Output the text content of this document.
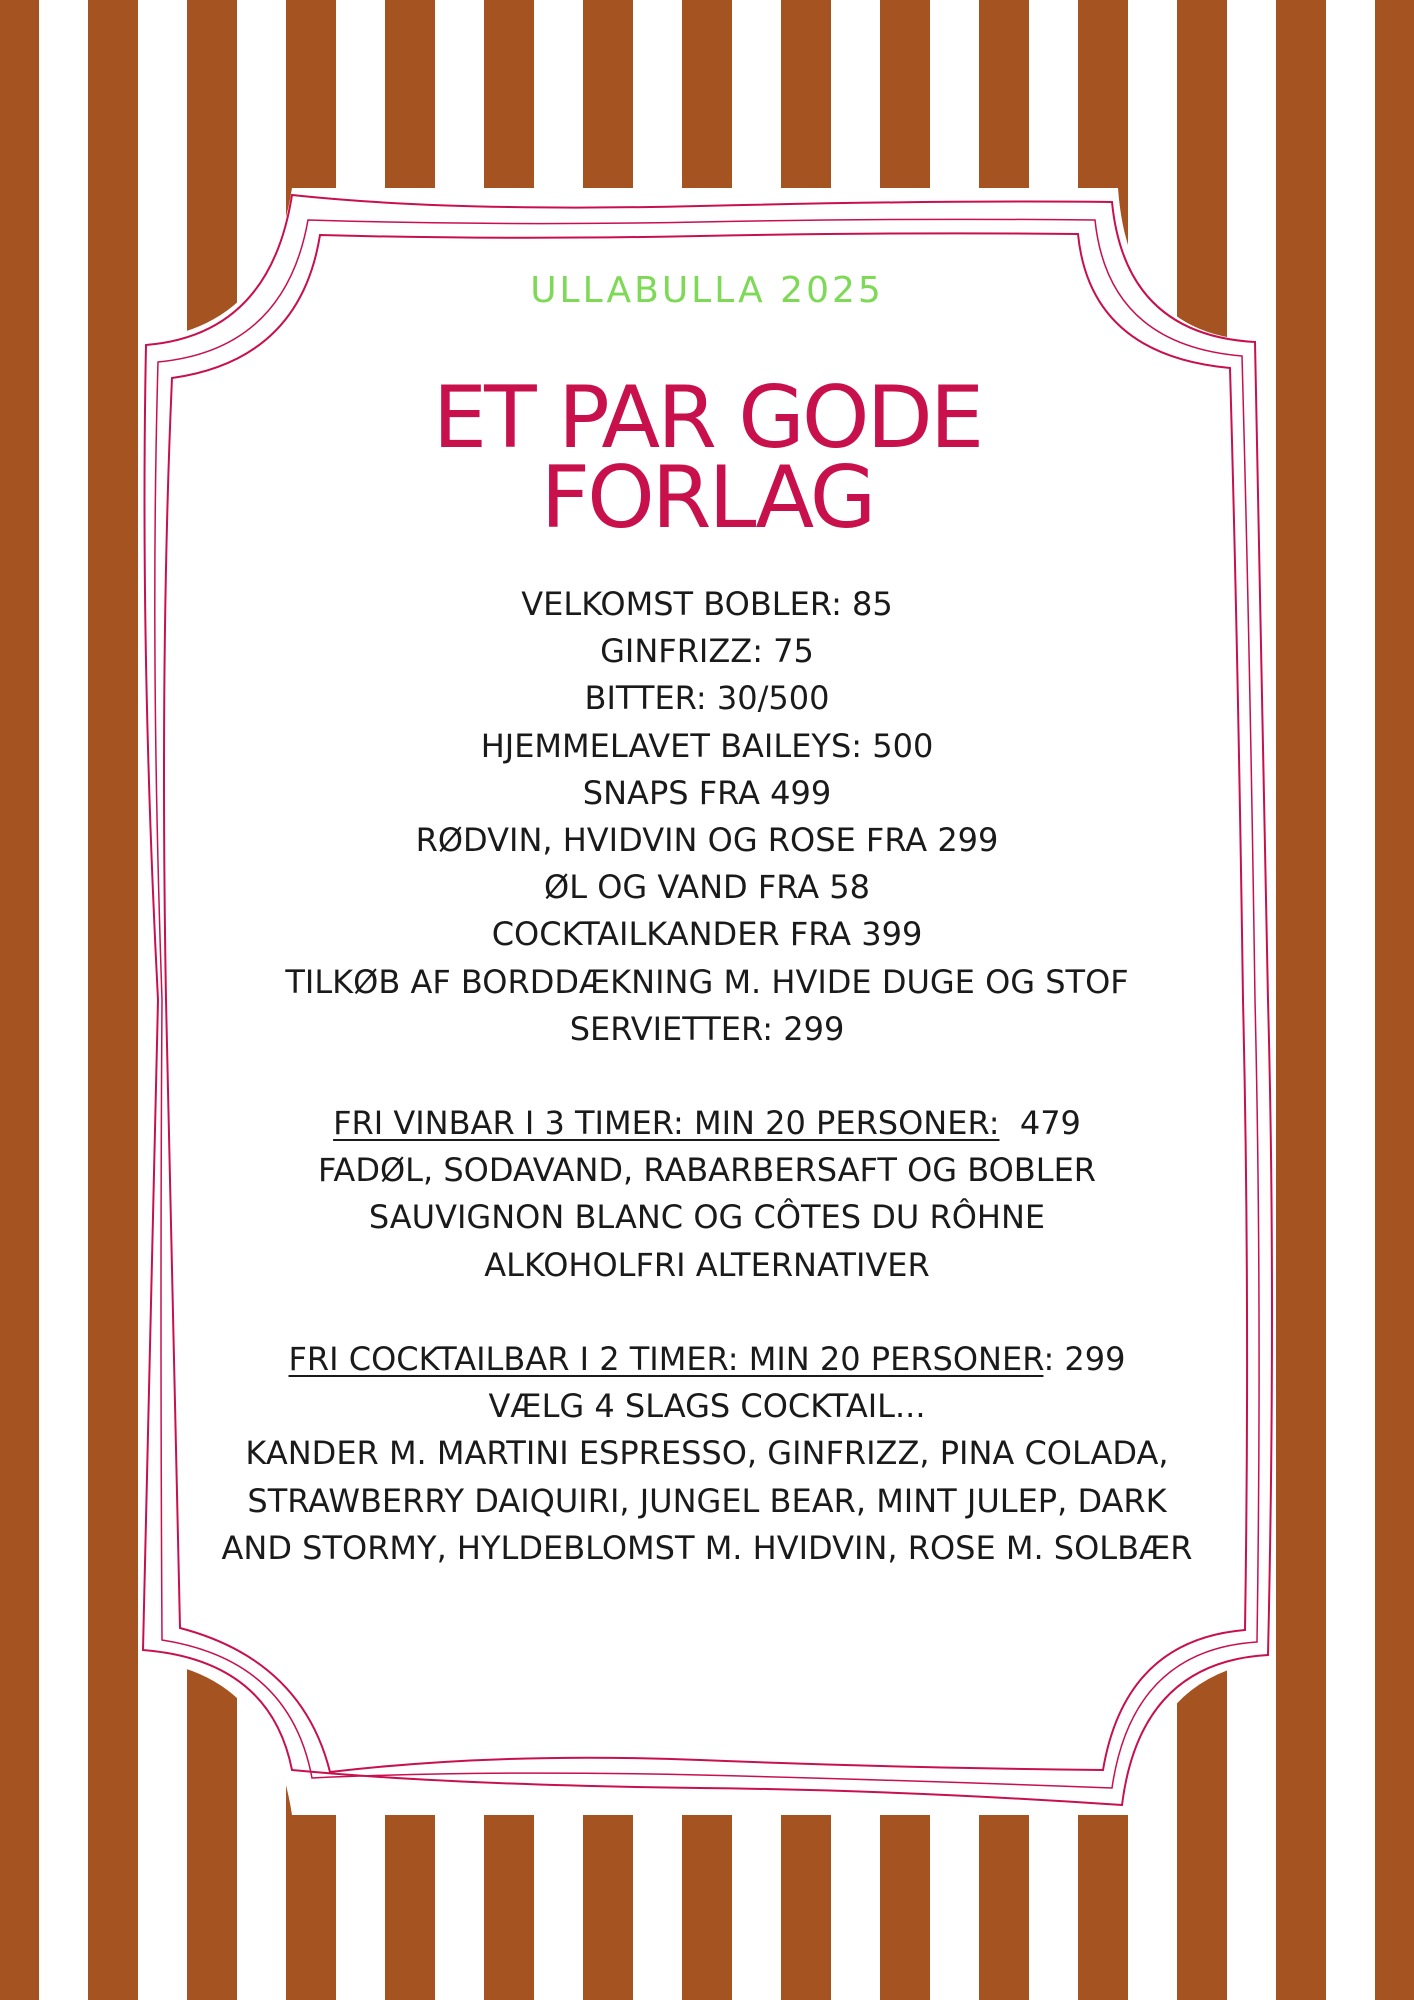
ULLABULLA 2025
ET PAR GODE
FORLAG
VELKOMST BOBLER: 85
GINFRIZZ: 75
BITTER: 30/500
HJEMMELAVET BAILEYS: 500
SNAPS FRA 499
RØDVIN, HVIDVIN OG ROSE FRA 299
ØL OG VAND FRA 58
COCKTAILKANDER FRA 399
TILKØB AF BORDDÆKNING M. HVIDE DUGE OG STOF
SERVIETTER: 299
FRI VINBAR I 3 TIMER: MIN 20 PERSONER:  479
FADØL, SODAVAND, RABARBERSAFT OG BOBLER
SAUVIGNON BLANC OG CÔTES DU RÔHNE
ALKOHOLFRI ALTERNATIVER
FRI COCKTAILBAR I 2 TIMER: MIN 20 PERSONER: 299
VÆLG 4 SLAGS COCKTAIL...
KANDER M. MARTINI ESPRESSO, GINFRIZZ, PINA COLADA,
STRAWBERRY DAIQUIRI, JUNGEL BEAR, MINT JULEP, DARK
AND STORMY, HYLDEBLOMST M. HVIDVIN, ROSE M. SOLBÆR
